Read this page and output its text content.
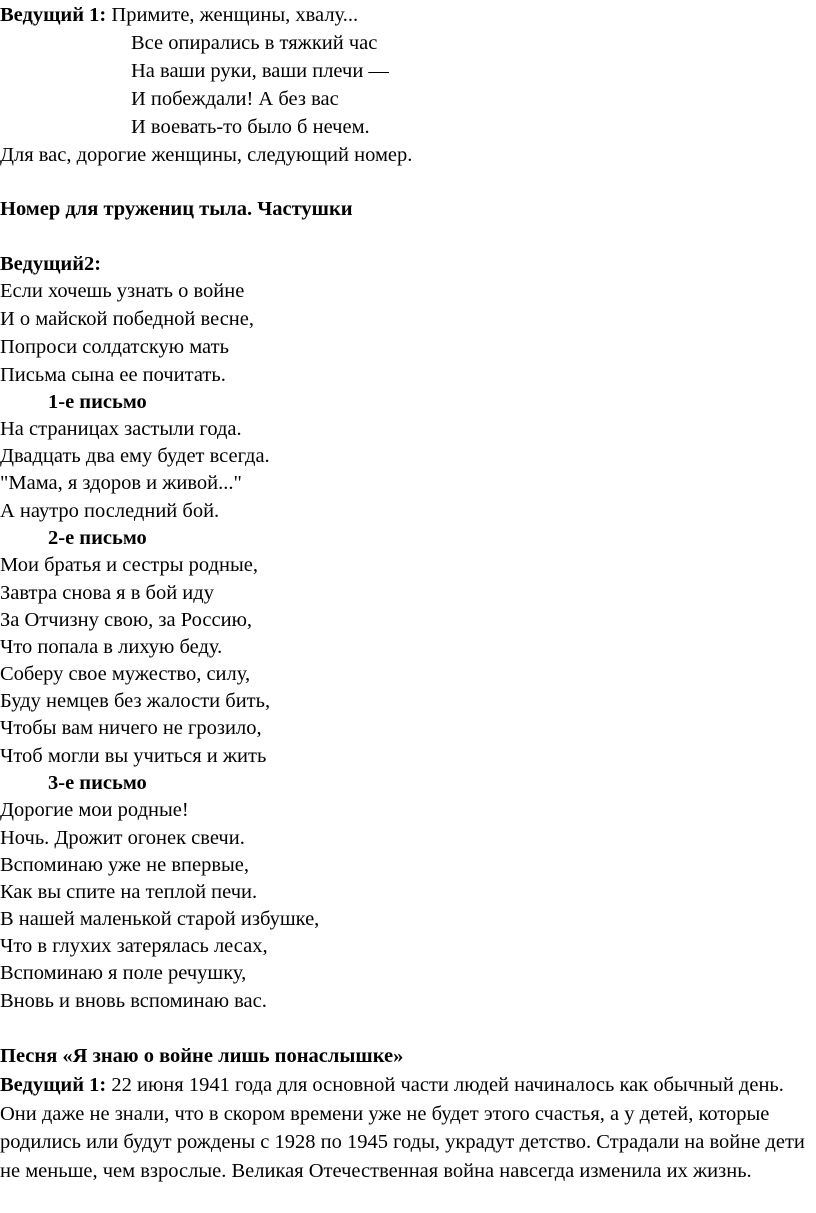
Ведущий 1: Примите, женщины, хвалу...
Все опирались в тяжкий час
На ваши руки, ваши плечи —
И побеждали! А без вас
И воевать-то было б нечем.
Для вас, дорогие женщины, следующий номер.
Номер для тружениц тыла. Частушки
Ведущий2:
Если хочешь узнать о войне
И о майской победной весне,
Попроси солдатскую мать
Письма сына ее почитать.
1-е письмо
На страницах застыли года.
Двадцать два ему будет всегда.
"Мама, я здоров и живой..."
А наутро последний бой.
2-е письмо
Мои братья и сестры родные,
Завтра снова я в бой иду
За Отчизну свою, за Россию,
Что попала в лихую беду.
Соберу свое мужество, силу,
Буду немцев без жалости бить,
Чтобы вам ничего не грозило,
Чтоб могли вы учиться и жить
3-е письмо
Дорогие мои родные!
Ночь. Дрожит огонек свечи.
Вспоминаю уже не впервые,
Как вы спите на теплой печи.
В нашей маленькой старой избушке,
Что в глухих затерялась лесах,
Вспоминаю я поле речушку,
Вновь и вновь вспоминаю вас.
Песня «Я знаю о войне лишь понаслышке»

Ведущий 1: 22 июня 1941 года для основной части людей начиналось как обычный день. Они даже не знали, что в скором времени уже не будет этого счастья, а у детей, которые родились или будут рождены с 1928 по 1945 годы, украдут детство. Страдали на войне дети не меньше, чем взрослые. Великая Отечественная война навсегда изменила их жизнь.
